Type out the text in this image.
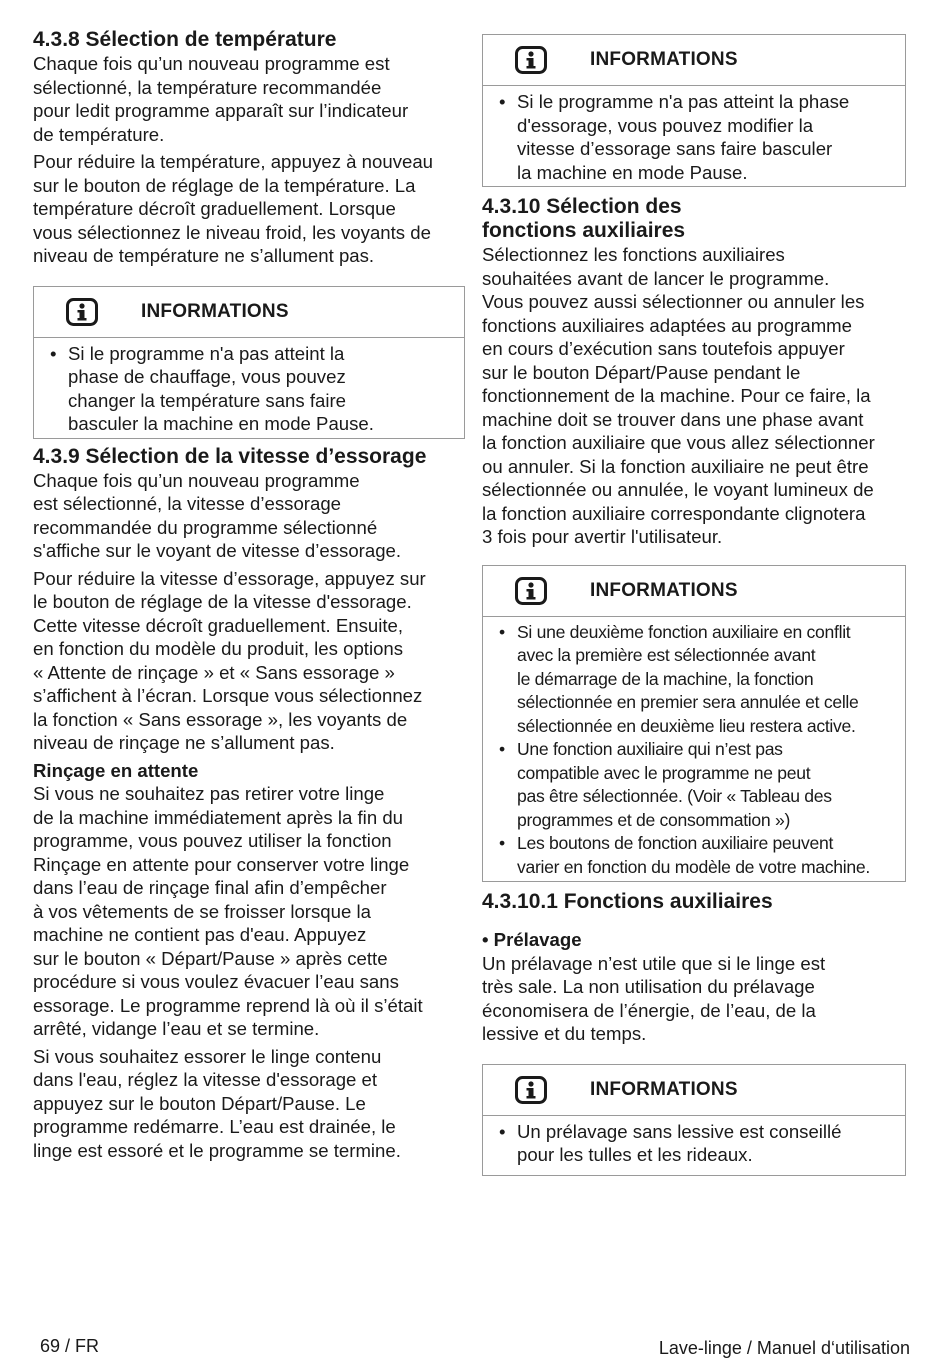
4.3.8 Sélection de température

Chaque fois qu’un nouveau programme est
sélectionné, la température recommandée
pour ledit programme apparaît sur l’indicateur
de température.

Pour réduire la température, appuyez à nouveau
sur le bouton de réglage de la température. La
température décroît graduellement. Lorsque
vous sélectionnez le niveau froid, les voyants de
niveau de température ne s’allument pas.

INFORMATIONS
• Si le programme n'a pas atteint la
phase de chauffage, vous pouvez
changer la température sans faire
basculer la machine en mode Pause.
4.3.9 Sélection de la vitesse d’essorage

Chaque fois qu’un nouveau programme
est sélectionné, la vitesse d’essorage
recommandée du programme sélectionné
s'affiche sur le voyant de vitesse d’essorage.

Pour réduire la vitesse d’essorage, appuyez sur
le bouton de réglage de la vitesse d'essorage.
Cette vitesse décroît graduellement. Ensuite,
en fonction du modèle du produit, les options
« Attente de rinçage » et « Sans essorage »
s’affichent à l’écran. Lorsque vous sélectionnez
la fonction « Sans essorage », les voyants de
niveau de rinçage ne s’allument pas.

Rinçage en attente

Si vous ne souhaitez pas retirer votre linge
de la machine immédiatement après la fin du
programme, vous pouvez utiliser la fonction
Rinçage en attente pour conserver votre linge
dans l’eau de rinçage final afin d’empêcher
à vos vêtements de se froisser lorsque la
machine ne contient pas d'eau. Appuyez
sur le bouton « Départ/Pause » après cette
procédure si vous voulez évacuer l’eau sans
essorage. Le programme reprend là où il s’était
arrêté, vidange l’eau et se termine.

Si vous souhaitez essorer le linge contenu
dans l'eau, réglez la vitesse d'essorage et
appuyez sur le bouton Départ/Pause. Le
programme redémarre. L’eau est drainée, le
linge est essoré et le programme se termine.

INFORMATIONS
• Si le programme n'a pas atteint la phase
d'essorage, vous pouvez modifier la
vitesse d’essorage sans faire basculer
la machine en mode Pause.
4.3.10 Sélection des
fonctions auxiliaires

Sélectionnez les fonctions auxiliaires
souhaitées avant de lancer le programme.
Vous pouvez aussi sélectionner ou annuler les
fonctions auxiliaires adaptées au programme
en cours d’exécution sans toutefois appuyer
sur le bouton Départ/Pause pendant le
fonctionnement de la machine. Pour ce faire, la
machine doit se trouver dans une phase avant
la fonction auxiliaire que vous allez sélectionner
ou annuler. Si la fonction auxiliaire ne peut être
sélectionnée ou annulée, le voyant lumineux de
la fonction auxiliaire correspondante clignotera
3 fois pour avertir l'utilisateur.

INFORMATIONS
• Si une deuxième fonction auxiliaire en conflit
avec la première est sélectionnée avant
le démarrage de la machine, la fonction
sélectionnée en premier sera annulée et celle
sélectionnée en deuxième lieu restera active.
• Une fonction auxiliaire qui n’est pas
compatible avec le programme ne peut
pas être sélectionnée. (Voir « Tableau des
programmes et de consommation »)
• Les boutons de fonction auxiliaire peuvent
varier en fonction du modèle de votre machine.
4.3.10.1 Fonctions auxiliaires
• Prélavage

Un prélavage n’est utile que si le linge est
très sale. La non utilisation du prélavage
économisera de l’énergie, de l’eau, de la
lessive et du temps.

INFORMATIONS
• Un prélavage sans lessive est conseillé
pour les tulles et les rideaux.
69 / FR	Lave-linge / Manuel d‘utilisation
